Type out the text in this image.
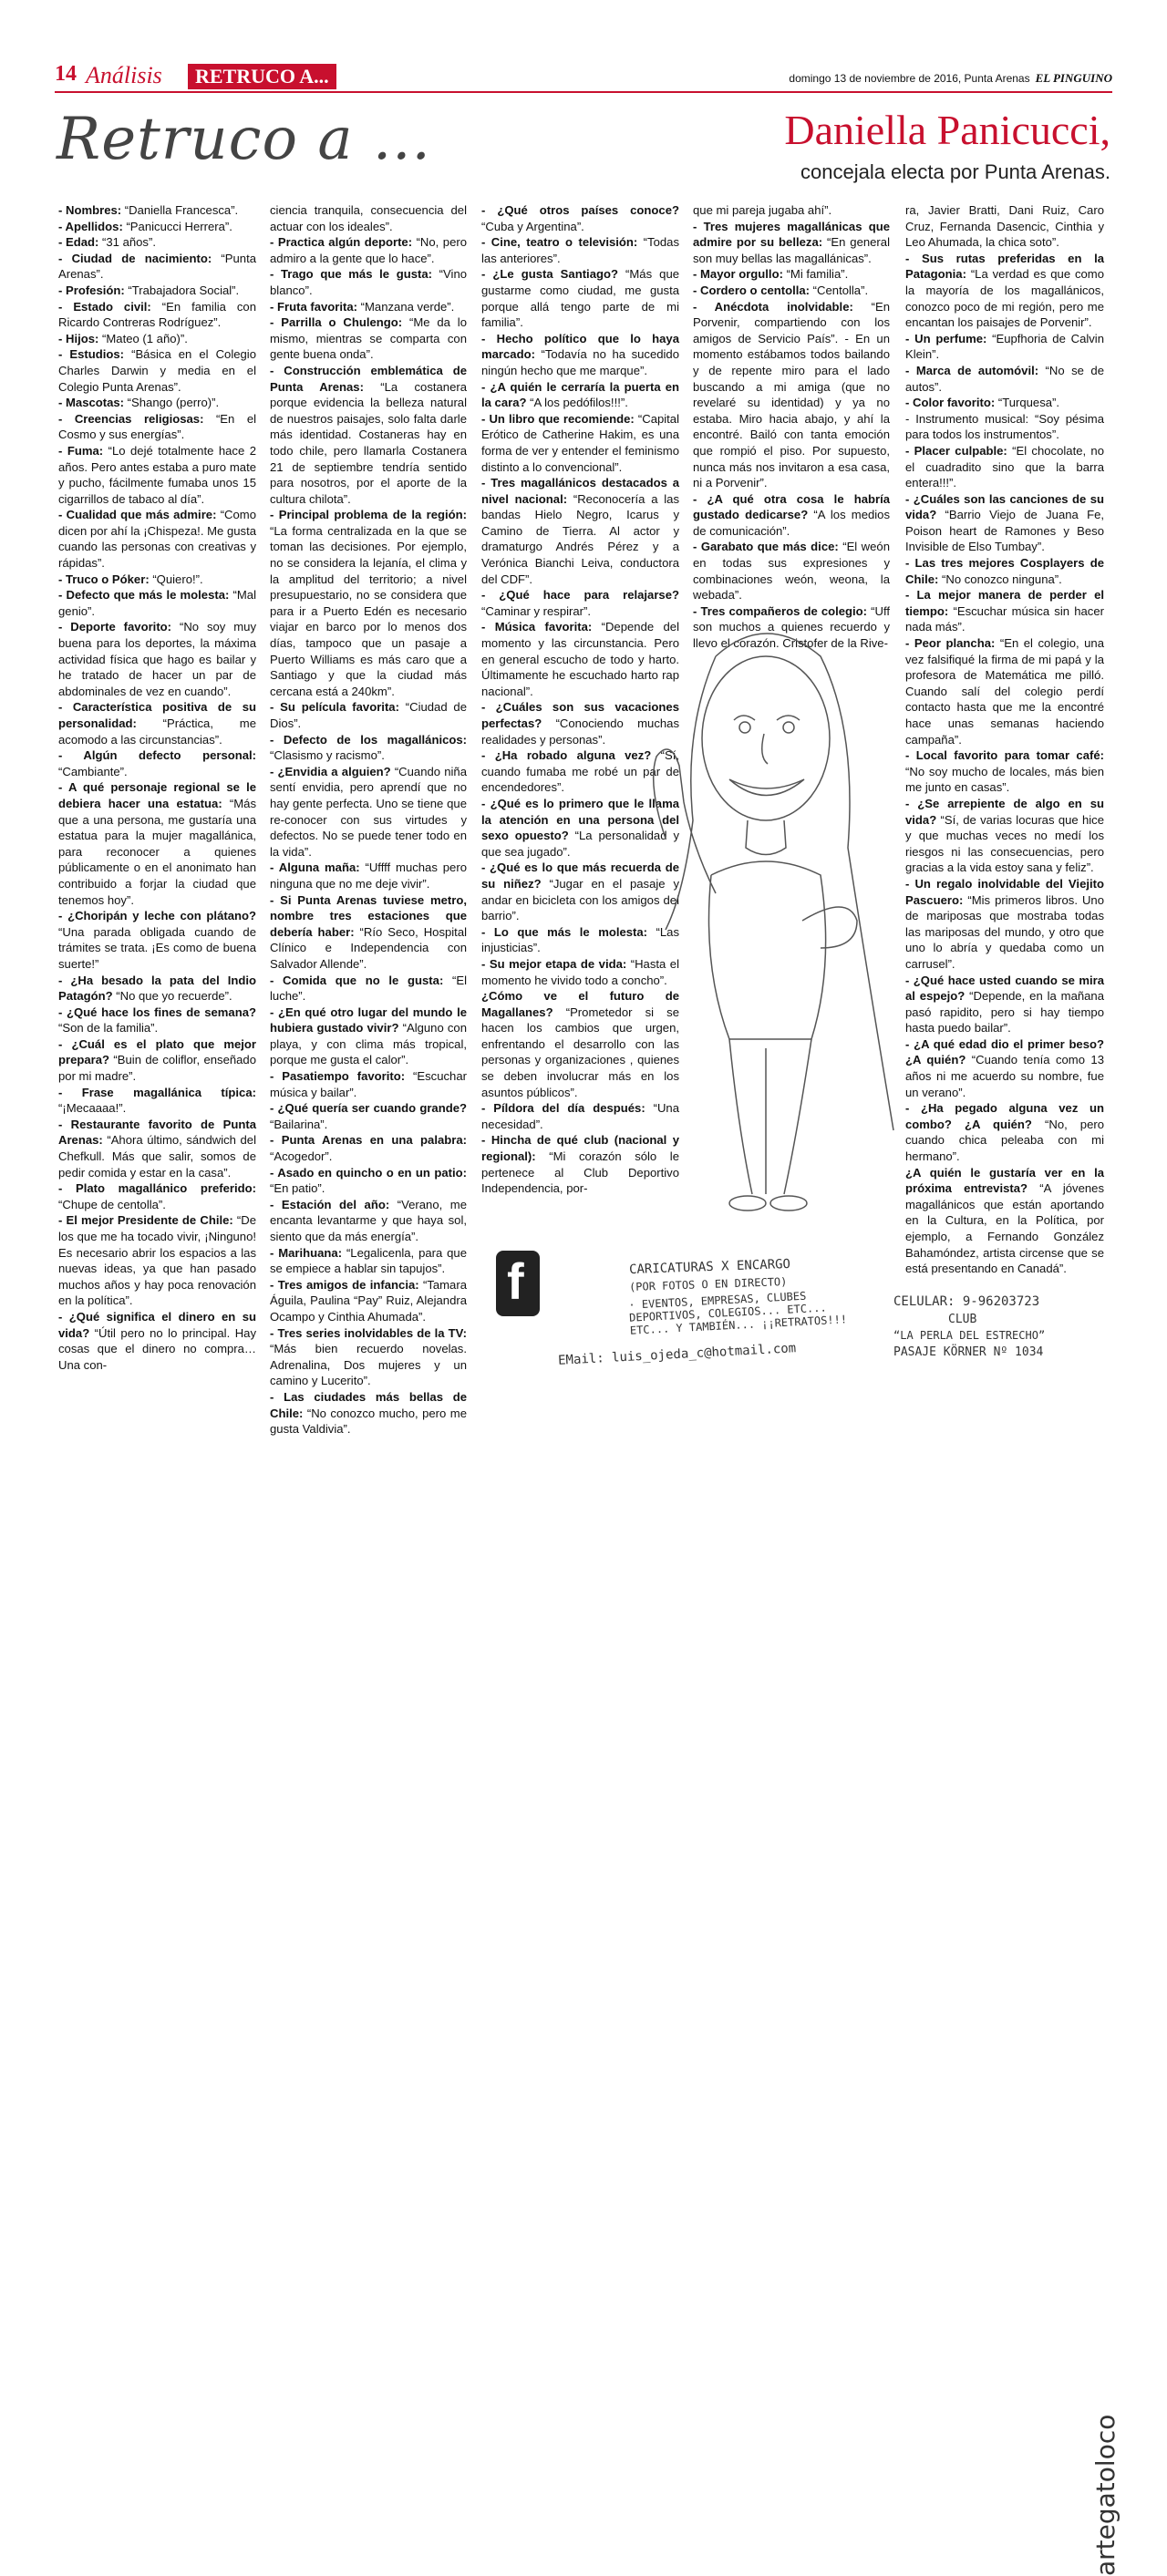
14 Análisis	RETRUCO A...	domingo 13 de noviembre de 2016, Punta Arenas EL PINGUINO
Retruco a ...	Daniella Panicucci,
concejala electa por Punta Arenas.

- Nombres: “Daniella Francesca”.

- Apellidos: “Panicucci Herrera”.

- Edad: “31 años”.

- Ciudad de nacimiento: “Punta Arenas”.

- Profesión: “Trabajadora Social”.

- Estado civil: “En familia con Ricardo Contreras Rodríguez”.

- Hijos: “Mateo (1 año)”.

- Estudios: “Básica en el Colegio Charles Darwin y media en el Colegio Punta Arenas”.

- Mascotas: “Shango (perro)”.

- Creencias religiosas: “En el Cosmo y sus energías”.

- Fuma: “Lo dejé totalmente hace 2 años. Pero antes estaba a puro mate y pucho, fácilmente fumaba unos 15 cigarrillos de tabaco al día”.

- Cualidad que más admire: “Como dicen por ahí la ¡Chispeza!. Me gusta cuando las personas con creativas y rápidas”.

- Truco o Póker: “Quiero!”.

- Defecto que más le molesta: “Mal genio”.

- Deporte favorito: “No soy muy buena para los deportes, la máxima actividad física que hago es bailar y he tratado de hacer un par de abdominales de vez en cuando”.

- Característica positiva de su personalidad: “Práctica, me acomodo a las circunstancias”.

- Algún defecto personal: “Cambiante”.

- A qué personaje regional se le debiera hacer una estatua: “Más que a una persona, me gustaría una estatua para la mujer magallánica, para reconocer a quienes públicamente o en el anonimato han contribuido a forjar la ciudad que tenemos hoy”.

- ¿Choripán y leche con plátano? “Una parada obligada cuando de trámites se trata. ¡Es como de buena suerte!”

- ¿Ha besado la pata del Indio Patagón? “No que yo recuerde”.

- ¿Qué hace los fines de semana? “Son de la familia”.

- ¿Cuál es el plato que mejor prepara? “Buin de coliflor, enseñado por mi madre”.

- Frase magallánica típica: “¡Mecaaaa!”.

- Restaurante favorito de Punta Arenas: “Ahora último, sándwich del Chefkull. Más que salir, somos de pedir comida y estar en la casa”.

- Plato magallánico preferido: “Chupe de centolla”.

- El mejor Presidente de Chile: “De los que me ha tocado vivir, ¡Ninguno! Es necesario abrir los espacios a las nuevas ideas, ya que han pasado muchos años y hay poca renovación en la política”.

- ¿Qué significa el dinero en su vida? “Útil pero no lo principal. Hay cosas que el dinero no compra… Una con-

ciencia tranquila, consecuencia del actuar con los ideales”.

- Practica algún deporte: “No, pero admiro a la gente que lo hace”.

- Trago que más le gusta: “Vino blanco”.

- Fruta favorita: “Manzana verde”.

- Parrilla o Chulengo: “Me da lo mismo, mientras se comparta con gente buena onda”.

- Construcción emblemática de Punta Arenas: “La costanera porque evidencia la belleza natural de nuestros paisajes, solo falta darle más identidad. Costaneras hay en todo chile, pero llamarla Costanera 21 de septiembre tendría sentido para nosotros, por el aporte de la cultura chilota”.

- Principal problema de la región: “La forma centralizada en la que se toman las decisiones. Por ejemplo, no se considera la lejanía, el clima y la amplitud del territorio; a nivel presupuestario, no se considera que para ir a Puerto Edén es necesario viajar en barco por lo menos dos días, tampoco que un pasaje a Puerto Williams es más caro que a Santiago y que la ciudad más cercana está a 240km”.

- Su película favorita: “Ciudad de Dios”.

- Defecto de los magallánicos: “Clasismo y racismo”.

- ¿Envidia a alguien? “Cuando niña sentí envidia, pero aprendí que no hay gente perfecta. Uno se tiene que re-conocer con sus virtudes y defectos. No se puede tener todo en la vida”.

- Alguna maña: “Uffff muchas pero ninguna que no me deje vivir”.

- Si Punta Arenas tuviese metro, nombre tres estaciones que debería haber: “Río Seco, Hospital Clínico e Independencia con Salvador Allende”.

- Comida que no le gusta: “El luche”.

- ¿En qué otro lugar del mundo le hubiera gustado vivir? “Alguno con playa, y con clima más tropical, porque me gusta el calor”.

- Pasatiempo favorito: “Escuchar música y bailar”.

- ¿Qué quería ser cuando grande? “Bailarina”.

- Punta Arenas en una palabra: “Acogedor”.

- Asado en quincho o en un patio: “En patio”.

- Estación del año: “Verano, me encanta levantarme y que haya sol, siento que da más energía”.

- Marihuana: “Legalicenla, para que se empiece a hablar sin tapujos”.

- Tres amigos de infancia: “Tamara Águila, Paulina “Pay” Ruiz, Alejandra Ocampo y Cinthia Ahumada”.

- Tres series inolvidables de la TV: “Más bien recuerdo novelas. Adrenalina, Dos mujeres y un camino y Lucerito”.

- Las ciudades más bellas de Chile: “No conozco mucho, pero me gusta Valdivia”.

- ¿Qué otros países conoce? “Cuba y Argentina”.

- Cine, teatro o televisión: “Todas las anteriores”.

- ¿Le gusta Santiago? “Más que gustarme como ciudad, me gusta porque allá tengo parte de mi familia”.

- Hecho político que lo haya marcado: “Todavía no ha sucedido ningún hecho que me marque”.

- ¿A quién le cerraría la puerta en la cara? “A los pedófilos!!!”.

- Un libro que recomiende: “Capital Erótico de Catherine Hakim, es una forma de ver y entender el feminismo distinto a lo convencional”.

- Tres magallánicos destacados a nivel nacional: “Reconocería a las bandas Hielo Negro, Icarus y Camino de Tierra. Al actor y dramaturgo Andrés Pérez y a Verónica Bianchi Leiva, conductora del CDF”.

- ¿Qué hace para relajarse? “Caminar y respirar”.

- Música favorita: “Depende del momento y las circunstancia. Pero en general escucho de todo y harto. Últimamente he escuchado harto rap nacional”.

- ¿Cuáles son sus vacaciones perfectas? “Conociendo muchas realidades y personas”.

- ¿Ha robado alguna vez? “Sí, cuando fumaba me robé un par de encendedores”.

- ¿Qué es lo primero que le llama la atención en una persona del sexo opuesto? “La personalidad y que sea jugado”.

- ¿Qué es lo que más recuerda de su niñez? “Jugar en el pasaje y andar en bicicleta con los amigos del barrio”.

- Lo que más le molesta: “Las injusticias”.

- Su mejor etapa de vida: “Hasta el momento he vivido todo a concho”.

¿Cómo ve el futuro de Magallanes? “Prometedor si se hacen los cambios que urgen, enfrentando el desarrollo con las personas y organizaciones , quienes se deben involucrar más en los asuntos públicos”.

- Píldora del día después: “Una necesidad”.

- Hincha de qué club (nacional y regional): “Mi corazón sólo le pertenece al Club Deportivo Independencia, por-

que mi pareja jugaba ahí”.

- Tres mujeres magallánicas que admire por su belleza: “En general son muy bellas las magallánicas”.

- Mayor orgullo: “Mi familia”.

- Cordero o centolla: “Centolla”.

- Anécdota inolvidable: “En Porvenir, compartiendo con los amigos de Servicio País”. - En un momento estábamos todos bailando y de repente miro para el lado buscando a mi amiga (que no revelaré su identidad) y ya no estaba. Miro hacia abajo, y ahí la encontré. Bailó con tanta emoción que rompió el piso. Por supuesto, nunca más nos invitaron a esa casa, ni a Porvenir”.

- ¿A qué otra cosa le habría gustado dedicarse? “A los medios de comunicación”.

- Garabato que más dice: “El weón en todas sus expresiones y combinaciones weón, weona, la webada”.

- Tres compañeros de colegio: “Uff son muchos a quienes recuerdo y llevo el corazón. Cristofer de la Rive-

ra, Javier Bratti, Dani Ruiz, Caro Cruz, Fernanda Dasencic, Cinthia y Leo Ahumada, la chica soto”.

- Sus rutas preferidas en la Patagonia: “La verdad es que como la mayoría de los magallánicos, conozco poco de mi región, pero me encantan los paisajes de Porvenir”.

- Un perfume: “Eupfhoria de Calvin Klein”.

- Marca de automóvil: “No se de autos”.

- Color favorito: “Turquesa”.

- Instrumento musical: “Soy pésima para todos los instrumentos”.

- Placer culpable: “El chocolate, no el cuadradito sino que la barra entera!!!”.

- ¿Cuáles son las canciones de su vida? “Barrio Viejo de Juana Fe, Poison heart de Ramones y Beso Invisible de Elso Tumbay”.

- Las tres mejores Cosplayers de Chile: “No conozco ninguna”.

- La mejor manera de perder el tiempo: “Escuchar música sin hacer nada más”.

- Peor plancha: “En el colegio, una vez falsifiqué la firma de mi papá y la profesora de Matemática me pilló. Cuando salí del colegio perdí contacto hasta que me la encontré hace unas semanas haciendo campaña”.

- Local favorito para tomar café: “No soy mucho de locales, más bien me junto en casas”.

- ¿Se arrepiente de algo en su vida? “Sí, de varias locuras que hice y que muchas veces no medí los riesgos ni las consecuencias, pero gracias a la vida estoy sana y feliz”.

- Un regalo inolvidable del Viejito Pascuero: “Mis primeros libros. Uno de mariposas que mostraba todas las mariposas del mundo, y otro que uno lo abría y quedaba como un carrusel”.

- ¿Qué hace usted cuando se mira al espejo? “Depende, en la mañana pasó rapidito, pero si hay tiempo hasta puedo bailar”.

- ¿A qué edad dio el primer beso? ¿A quién? “Cuando tenía como 13 años ni me acuerdo su nombre, fue un verano”.

- ¿Ha pegado alguna vez un combo? ¿A quién? “No, pero cuando chica peleaba con mi hermano”.

¿A quién le gustaría ver en la próxima entrevista? “A jóvenes magallánicos que están aportando en la Cultura, en la Política, por ejemplo, a Fernando González Bahamóndez, artista circense que se está presentando en Canadá”.

f
artegatoloco
CARICATURAS X ENCARGO
(POR FOTOS O EN DIRECTO)
· EVENTOS, EMPRESAS, CLUBES DEPORTIVOS, COLEGIOS... ETC... ETC... Y TAMBIÉN... ¡¡RETRATOS!!!
EMail: luis_ojeda_c@hotmail.com
CELULAR: 9-96203723
CLUB
“LA PERLA DEL ESTRECHO”
PASAJE KÖRNER Nº 1034
